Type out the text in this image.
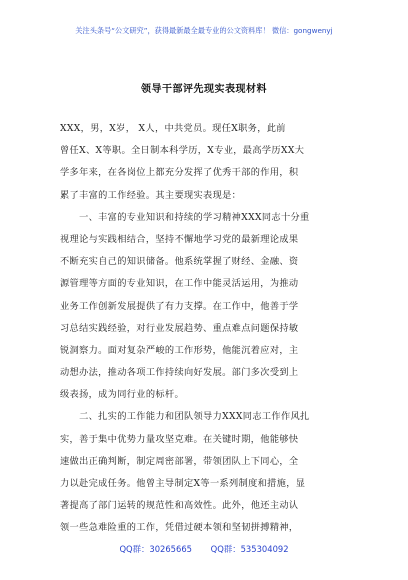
关注头条号“公文研究”，获得最新最全最专业的公文资料库！ 微信：gongwenyj
领导干部评先现实表现材料
XXX，男，X岁， X人，中共党员。现任X职务，此前
曾任X、X等职。全日制本科学历，X专业，最高学历XX大
学多年来，在各岗位上都充分发挥了优秀干部的作用，积
累了丰富的工作经验。其主要现实表现是：
　　一、丰富的专业知识和持续的学习精神XXX同志十分重
视理论与实践相结合，坚持不懈地学习党的最新理论成果
不断充实自己的知识储备。他系统掌握了财经、金融、资
源管理等方面的专业知识，在工作中能灵活运用，为推动
业务工作创新发展提供了有力支撑。在工作中，他善于学
习总结实践经验，对行业发展趋势、重点难点问题保持敏
锐洞察力。面对复杂严峻的工作形势，他能沉着应对，主
动想办法，推动各项工作持续向好发展。部门多次受到上
级表扬，成为同行业的标杆。
　　二、扎实的工作能力和团队领导力XXX同志工作作风扎
实，善于集中优势力量攻坚克难。在关键时期，他能够快
速做出正确判断，制定周密部署，带领团队上下同心，全
力以赴完成任务。他曾主导制定X等一系列制度和措施，显
著提高了部门运转的规范性和高效性。此外，他还主动认
领一些急难险重的工作，凭借过硬本领和坚韧拼搏精神，
QQ群：30265665 QQ群：535304092
